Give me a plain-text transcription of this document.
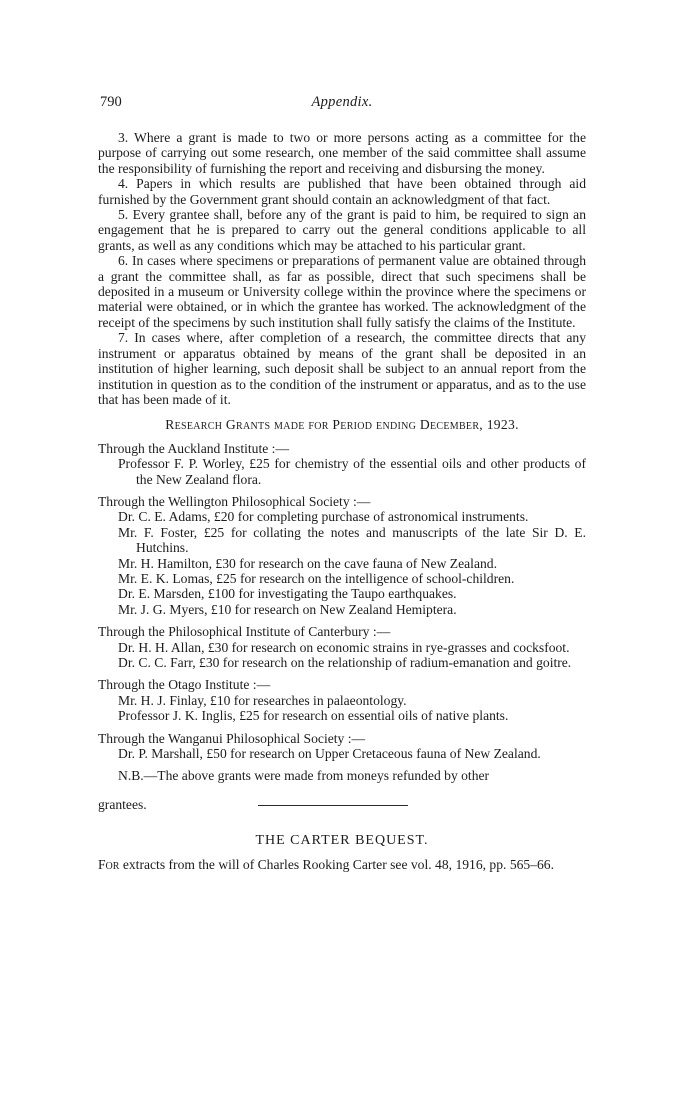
790	Appendix.

3. Where a grant is made to two or more persons acting as a committee for the purpose of carrying out some research, one member of the said committee shall assume the responsibility of furnishing the report and receiving and disbursing the money.

4. Papers in which results are published that have been obtained through aid furnished by the Government grant should contain an acknowledgment of that fact.

5. Every grantee shall, before any of the grant is paid to him, be required to sign an engagement that he is prepared to carry out the general conditions applicable to all grants, as well as any conditions which may be attached to his particular grant.

6. In cases where specimens or preparations of permanent value are obtained through a grant the committee shall, as far as possible, direct that such specimens shall be deposited in a museum or University college within the province where the specimens or material were obtained, or in which the grantee has worked. The acknowledgment of the receipt of the specimens by such institution shall fully satisfy the claims of the Institute.

7. In cases where, after completion of a research, the committee directs that any instrument or apparatus obtained by means of the grant shall be deposited in an institution of higher learning, such deposit shall be subject to an annual report from the institution in question as to the condition of the instrument or apparatus, and as to the use that has been made of it.

Research Grants made for Period ending December, 1923.

Through the Auckland Institute :—

Professor F. P. Worley, £25 for chemistry of the essential oils and other products of the New Zealand flora.

Through the Wellington Philosophical Society :—

Dr. C. E. Adams, £20 for completing purchase of astronomical instruments.

Mr. F. Foster, £25 for collating the notes and manuscripts of the late Sir D. E. Hutchins.

Mr. H. Hamilton, £30 for research on the cave fauna of New Zealand.

Mr. E. K. Lomas, £25 for research on the intelligence of school-children.

Dr. E. Marsden, £100 for investigating the Taupo earthquakes.

Mr. J. G. Myers, £10 for research on New Zealand Hemiptera.

Through the Philosophical Institute of Canterbury :—

Dr. H. H. Allan, £30 for research on economic strains in rye-grasses and cocksfoot.

Dr. C. C. Farr, £30 for research on the relationship of radium-emanation and goitre.

Through the Otago Institute :—

Mr. H. J. Finlay, £10 for researches in palaeontology.

Professor J. K. Inglis, £25 for research on essential oils of native plants.

Through the Wanganui Philosophical Society :—

Dr. P. Marshall, £50 for research on Upper Cretaceous fauna of New Zealand.

N.B.—The above grants were made from moneys refunded by other

grantees.
THE CARTER BEQUEST.

For extracts from the will of Charles Rooking Carter see vol. 48, 1916, pp. 565–66.
